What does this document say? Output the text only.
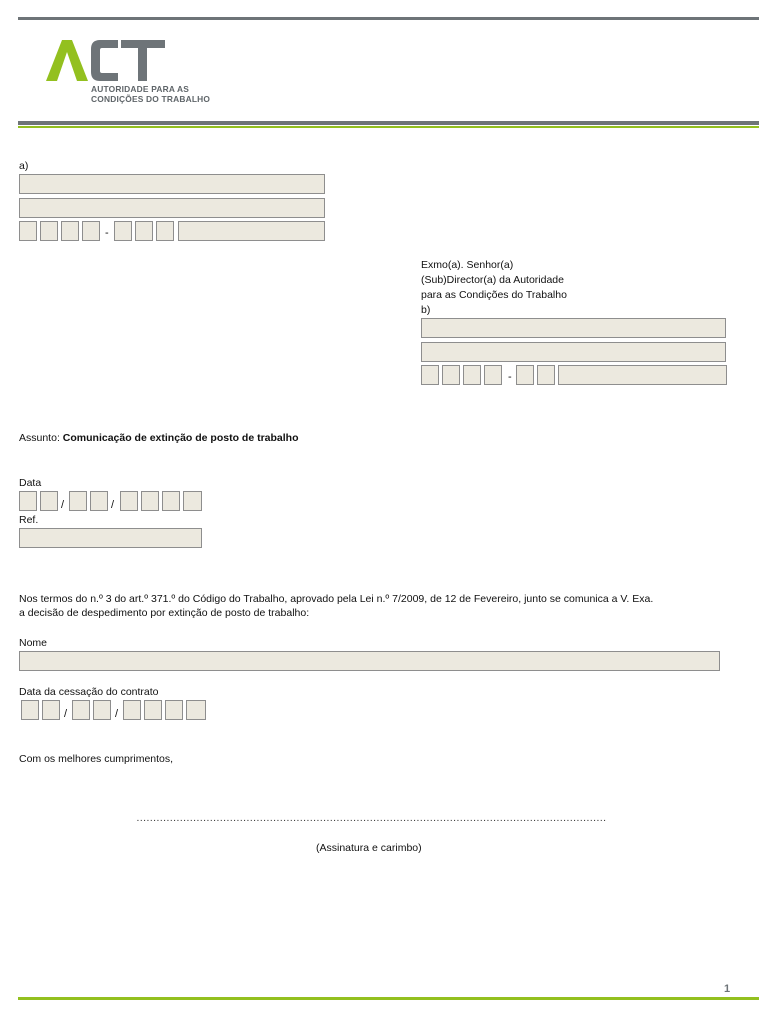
AUTORIDADE PARA AS
CONDIÇÕES DO TRABALHO
a)
-
Exmo(a). Senhor(a)
(Sub)Director(a) da Autoridade
para as Condições do Trabalho
b)
-
Assunto: Comunicação de extinção de posto de trabalho
Data
/	/
Ref.
Nos termos do n.º 3 do art.º 371.º do Código do Trabalho, aprovado pela Lei n.º 7/2009, de 12 de Fevereiro, junto se comunica a V. Exa.
a decisão de despedimento por extinção de posto de trabalho:
Nome
Data da cessação do contrato
/	/
Com os melhores cumprimentos,
……………………………………………………………………………………………………………………………
(Assinatura e carimbo)
1
